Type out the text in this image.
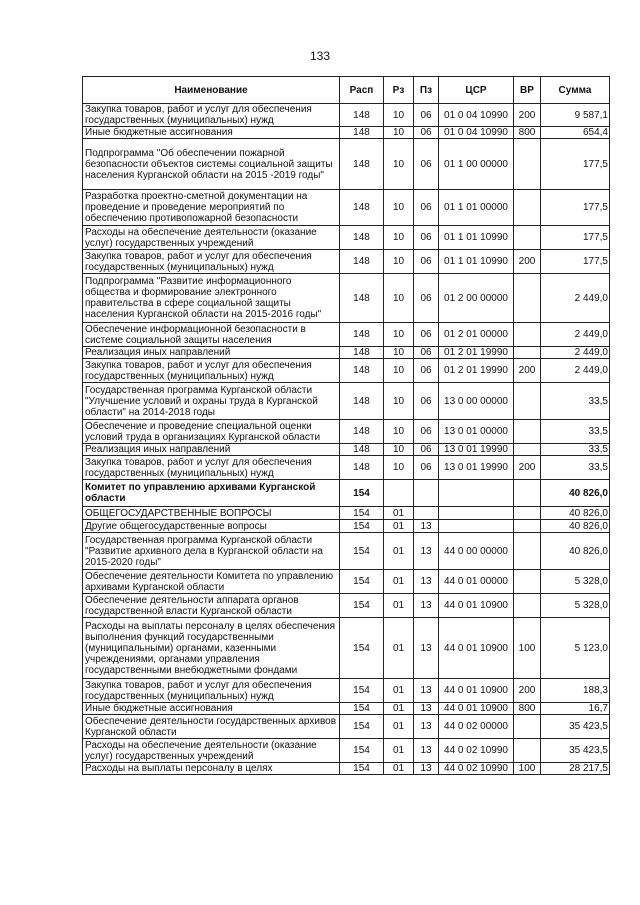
133
Наименование	Расп	Рз	Пз	ЦСР	ВР	Сумма
Закупка товаров, работ и услуг для обеспечения государственных (муниципальных) нужд	148	10	06	01 0 04 10990	200	9 587,1
Иные бюджетные ассигнования	148	10	06	01 0 04 10990	800	654,4
Подпрограмма "Об обеспечении пожарной безопасности объектов системы социальной защиты населения Курганской области на 2015 -2019 годы"	148	10	06	01 1 00 00000		177,5
Разработка проектно-сметной документации на проведение и проведение мероприятий по обеспечению противопожарной безопасности	148	10	06	01 1 01 00000		177,5
Расходы на обеспечение деятельности (оказание услуг) государственных учреждений	148	10	06	01 1 01 10990		177,5
Закупка товаров, работ и услуг для обеспечения государственных (муниципальных) нужд	148	10	06	01 1 01 10990	200	177,5
Подпрограмма "Развитие информационного общества и формирование электронного правительства в сфере социальной защиты населения Курганской области на 2015-2016 годы"	148	10	06	01 2 00 00000		2 449,0
Обеспечение информационной безопасности в системе социальной защиты населения	148	10	06	01 2 01 00000		2 449,0
Реализация иных направлений	148	10	06	01 2 01 19990		2 449,0
Закупка товаров, работ и услуг для обеспечения государственных (муниципальных) нужд	148	10	06	01 2 01 19990	200	2 449,0
Государственная программа Курганской области "Улучшение условий и охраны труда в Курганской области" на 2014-2018 годы	148	10	06	13 0 00 00000		33,5
Обеспечение и проведение специальной оценки условий труда в организациях Курганской области	148	10	06	13 0 01 00000		33,5
Реализация иных направлений	148	10	06	13 0 01 19990		33,5
Закупка товаров, работ и услуг для обеспечения государственных (муниципальных) нужд	148	10	06	13 0 01 19990	200	33,5
Комитет по управлению архивами Курганской области	154					40 826,0
ОБЩЕГОСУДАРСТВЕННЫЕ ВОПРОСЫ	154	01				40 826,0
Другие общегосударственные вопросы	154	01	13			40 826,0
Государственная программа Курганской области "Развитие архивного дела в Курганской области на 2015-2020 годы"	154	01	13	44 0 00 00000		40 826,0
Обеспечение деятельности Комитета по управлению архивами Курганской области	154	01	13	44 0 01 00000		5 328,0
Обеспечение деятельности аппарата органов государственной власти Курганской области	154	01	13	44 0 01 10900		5 328,0
Расходы на выплаты персоналу в целях обеспечения выполнения функций государственными (муниципальными) органами, казенными учреждениями, органами управления государственными внебюджетными фондами	154	01	13	44 0 01 10900	100	5 123,0
Закупка товаров, работ и услуг для обеспечения государственных (муниципальных) нужд	154	01	13	44 0 01 10900	200	188,3
Иные бюджетные ассигнования	154	01	13	44 0 01 10900	800	16,7
Обеспечение деятельности государственных архивов Курганской области	154	01	13	44 0 02 00000		35 423,5
Расходы на обеспечение деятельности (оказание услуг) государственных учреждений	154	01	13	44 0 02 10990		35 423,5
Расходы на выплаты персоналу в целях	154	01	13	44 0 02 10990	100	28 217,5
